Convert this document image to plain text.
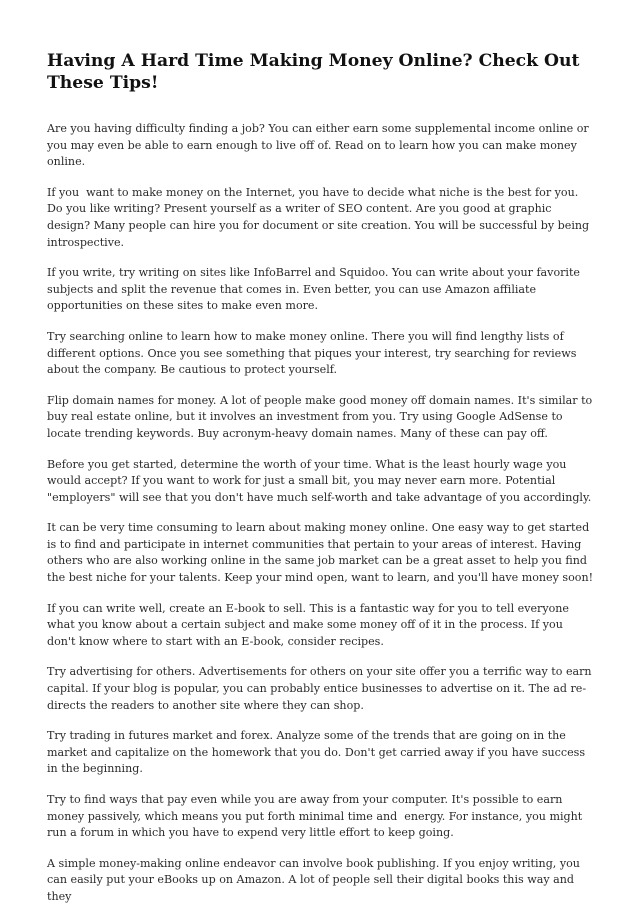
Having A Hard Time Making Money Online? Check Out These Tips!

Are you having difficulty finding a job? You can either earn some supplemental income online or you may even be able to earn enough to live off of. Read on to learn how you can make money online.

If you  want to make money on the Internet, you have to decide what niche is the best for you. Do you like writing? Present yourself as a writer of SEO content. Are you good at graphic design? Many people can hire you for document or site creation. You will be successful by being introspective.

If you write, try writing on sites like InfoBarrel and Squidoo. You can write about your favorite subjects and split the revenue that comes in. Even better, you can use Amazon affiliate opportunities on these sites to make even more.

Try searching online to learn how to make money online. There you will find lengthy lists of different options. Once you see something that piques your interest, try searching for reviews about the company. Be cautious to protect yourself.

Flip domain names for money. A lot of people make good money off domain names. It's similar to buy real estate online, but it involves an investment from you. Try using Google AdSense to locate trending keywords. Buy acronym-heavy domain names. Many of these can pay off.

Before you get started, determine the worth of your time. What is the least hourly wage you would accept? If you want to work for just a small bit, you may never earn more. Potential "employers" will see that you don't have much self-worth and take advantage of you accordingly.

It can be very time consuming to learn about making money online. One easy way to get started is to find and participate in internet communities that pertain to your areas of interest. Having others who are also working online in the same job market can be a great asset to help you find the best niche for your talents. Keep your mind open, want to learn, and you'll have money soon!

If you can write well, create an E-book to sell. This is a fantastic way for you to tell everyone what you know about a certain subject and make some money off of it in the process. If you don't know where to start with an E-book, consider recipes.

Try advertising for others. Advertisements for others on your site offer you a terrific way to earn capital. If your blog is popular, you can probably entice businesses to advertise on it. The ad re-directs the readers to another site where they can shop.

Try trading in futures market and forex. Analyze some of the trends that are going on in the market and capitalize on the homework that you do. Don't get carried away if you have success in the beginning.

Try to find ways that pay even while you are away from your computer. It's possible to earn money passively, which means you put forth minimal time and  energy. For instance, you might run a forum in which you have to expend very little effort to keep going.

A simple money-making online endeavor can involve book publishing. If you enjoy writing, you can easily put your eBooks up on Amazon. A lot of people sell their digital books this way and they
